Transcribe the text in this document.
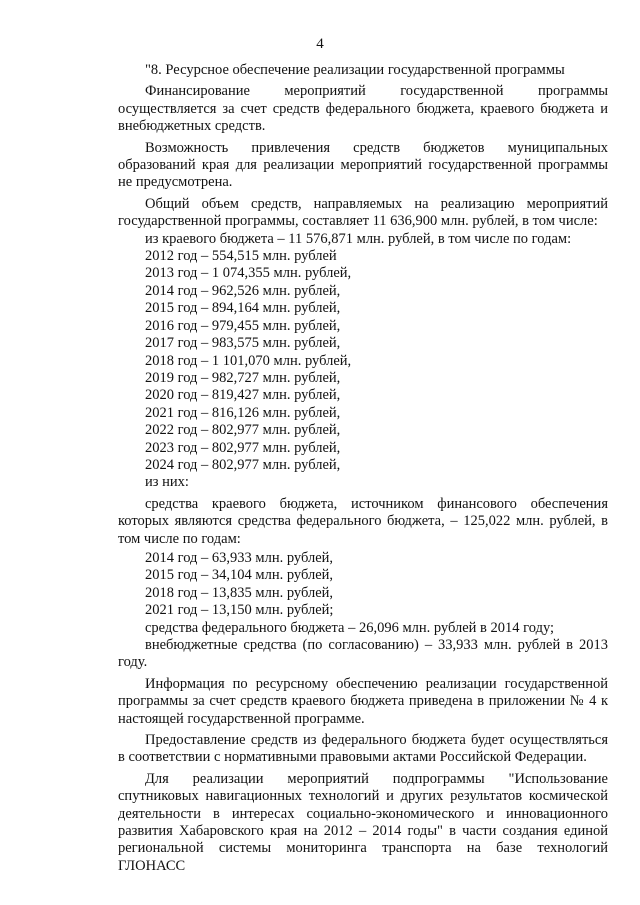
4

"8. Ресурсное обеспечение реализации государственной программы

Финансирование мероприятий государственной программы осуществляется за счет средств федерального бюджета, краевого бюджета и внебюджетных средств.

Возможность привлечения средств бюджетов муниципальных образований края для реализации мероприятий государственной программы не предусмотрена.

Общий объем средств, направляемых на реализацию мероприятий государственной программы, составляет 11 636,900 млн. рублей, в том числе:

из краевого бюджета – 11 576,871 млн. рублей, в том числе по годам:

2012 год – 554,515 млн. рублей

2013 год – 1 074,355 млн. рублей,

2014 год – 962,526 млн. рублей,

2015 год – 894,164 млн. рублей,

2016 год – 979,455 млн. рублей,

2017 год – 983,575 млн. рублей,

2018 год – 1 101,070 млн. рублей,

2019 год – 982,727 млн. рублей,

2020 год – 819,427 млн. рублей,

2021 год – 816,126 млн. рублей,

2022 год – 802,977 млн. рублей,

2023 год – 802,977 млн. рублей,

2024 год – 802,977 млн. рублей,

из них:

средства краевого бюджета, источником финансового обеспечения которых являются средства федерального бюджета, – 125,022 млн. рублей, в том числе по годам:

2014 год – 63,933 млн. рублей,

2015 год – 34,104 млн. рублей,

2018 год – 13,835 млн. рублей,

2021 год – 13,150 млн. рублей;

средства федерального бюджета – 26,096 млн. рублей в 2014 году;

внебюджетные средства (по согласованию) – 33,933 млн. рублей в 2013 году.

Информация по ресурсному обеспечению реализации государственной программы за счет средств краевого бюджета приведена в приложении № 4 к настоящей государственной программе.

Предоставление средств из федерального бюджета будет осуществляться в соответствии с нормативными правовыми актами Российской Федерации.

Для реализации мероприятий подпрограммы "Использование спутниковых навигационных технологий и других результатов космической деятельности в интересах социально-экономического и инновационного развития Хабаровского края на 2012 – 2014 годы" в части создания единой региональной системы мониторинга транспорта на базе технологий ГЛОНАСС
